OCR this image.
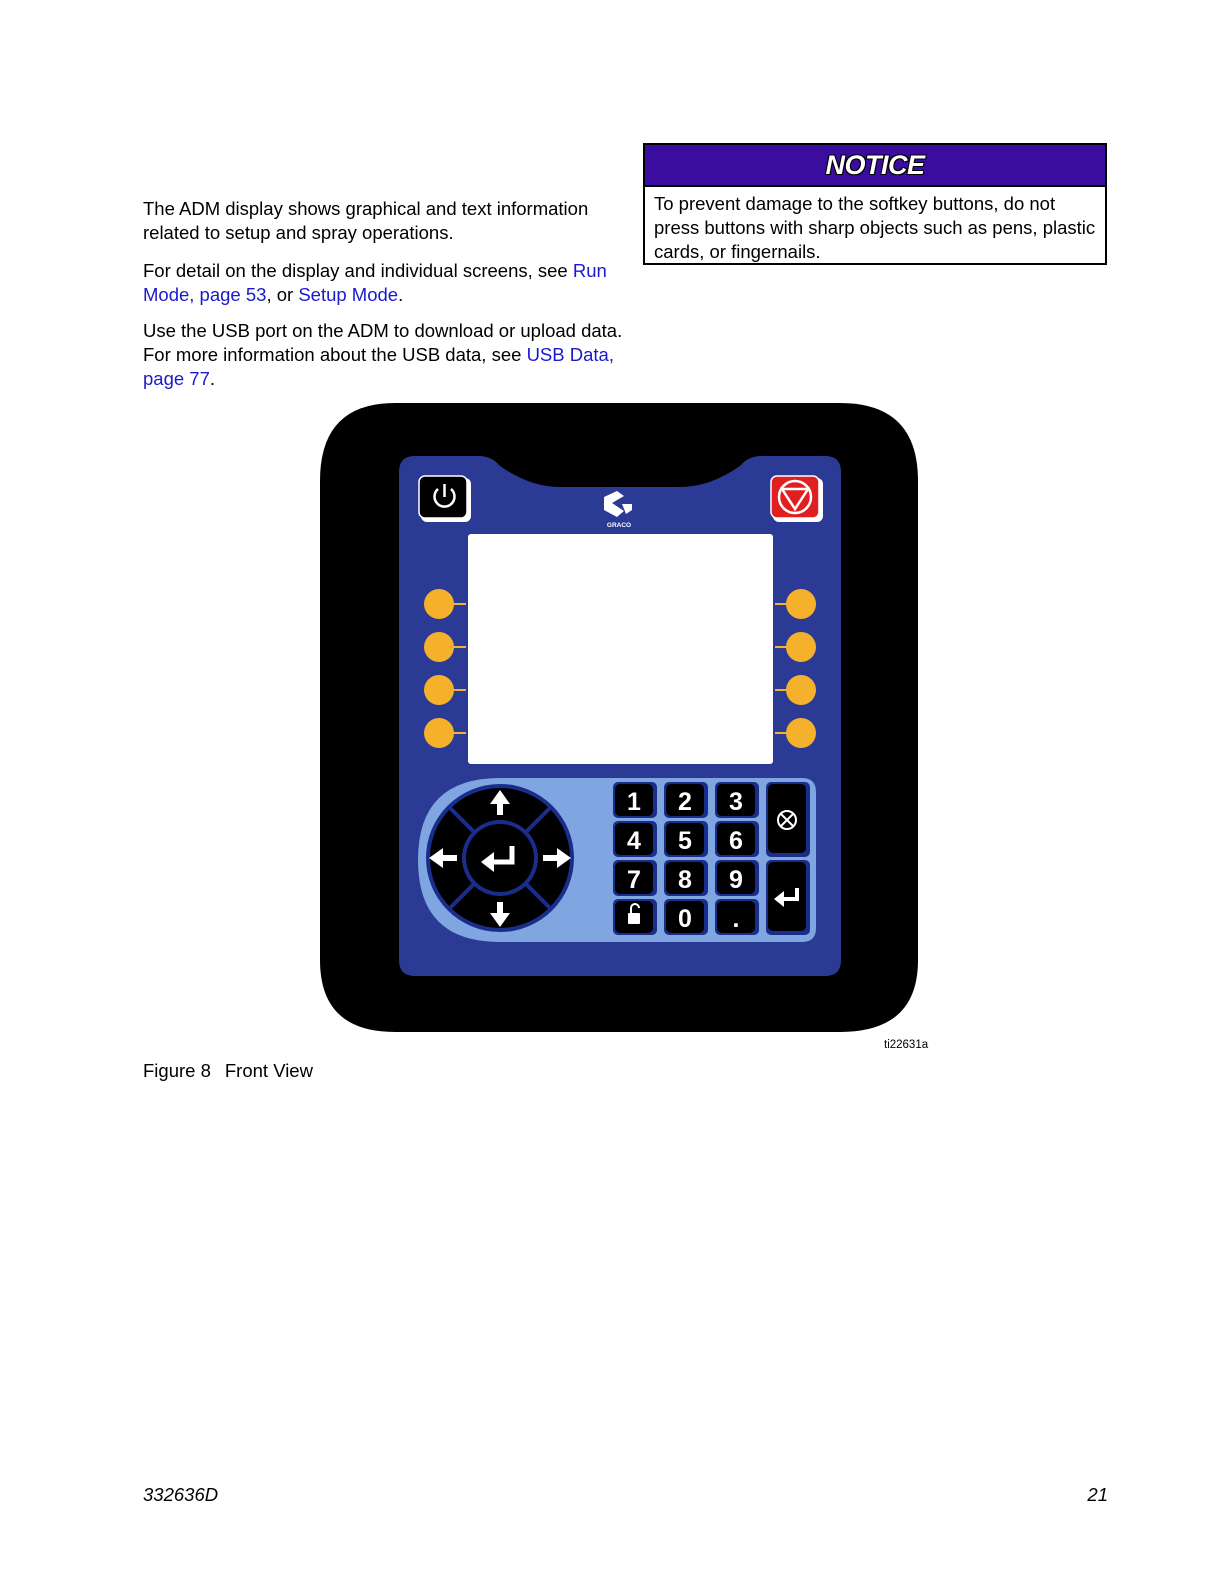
The ADM display shows graphical and text information related to setup and spray operations.

For detail on the display and individual screens, see Run Mode, page 53, or Setup Mode.

Use the USB port on the ADM to download or upload data. For more information about the USB data, see USB Data, page 77.

NOTICE
To prevent damage to the softkey buttons, do not press buttons with sharp objects such as pens, plastic cards, or fingernails.
GRACO
1 2 3
4 5 6
7 8 9
0 .
ti22631a
Figure 8 Front View
332636D	21
